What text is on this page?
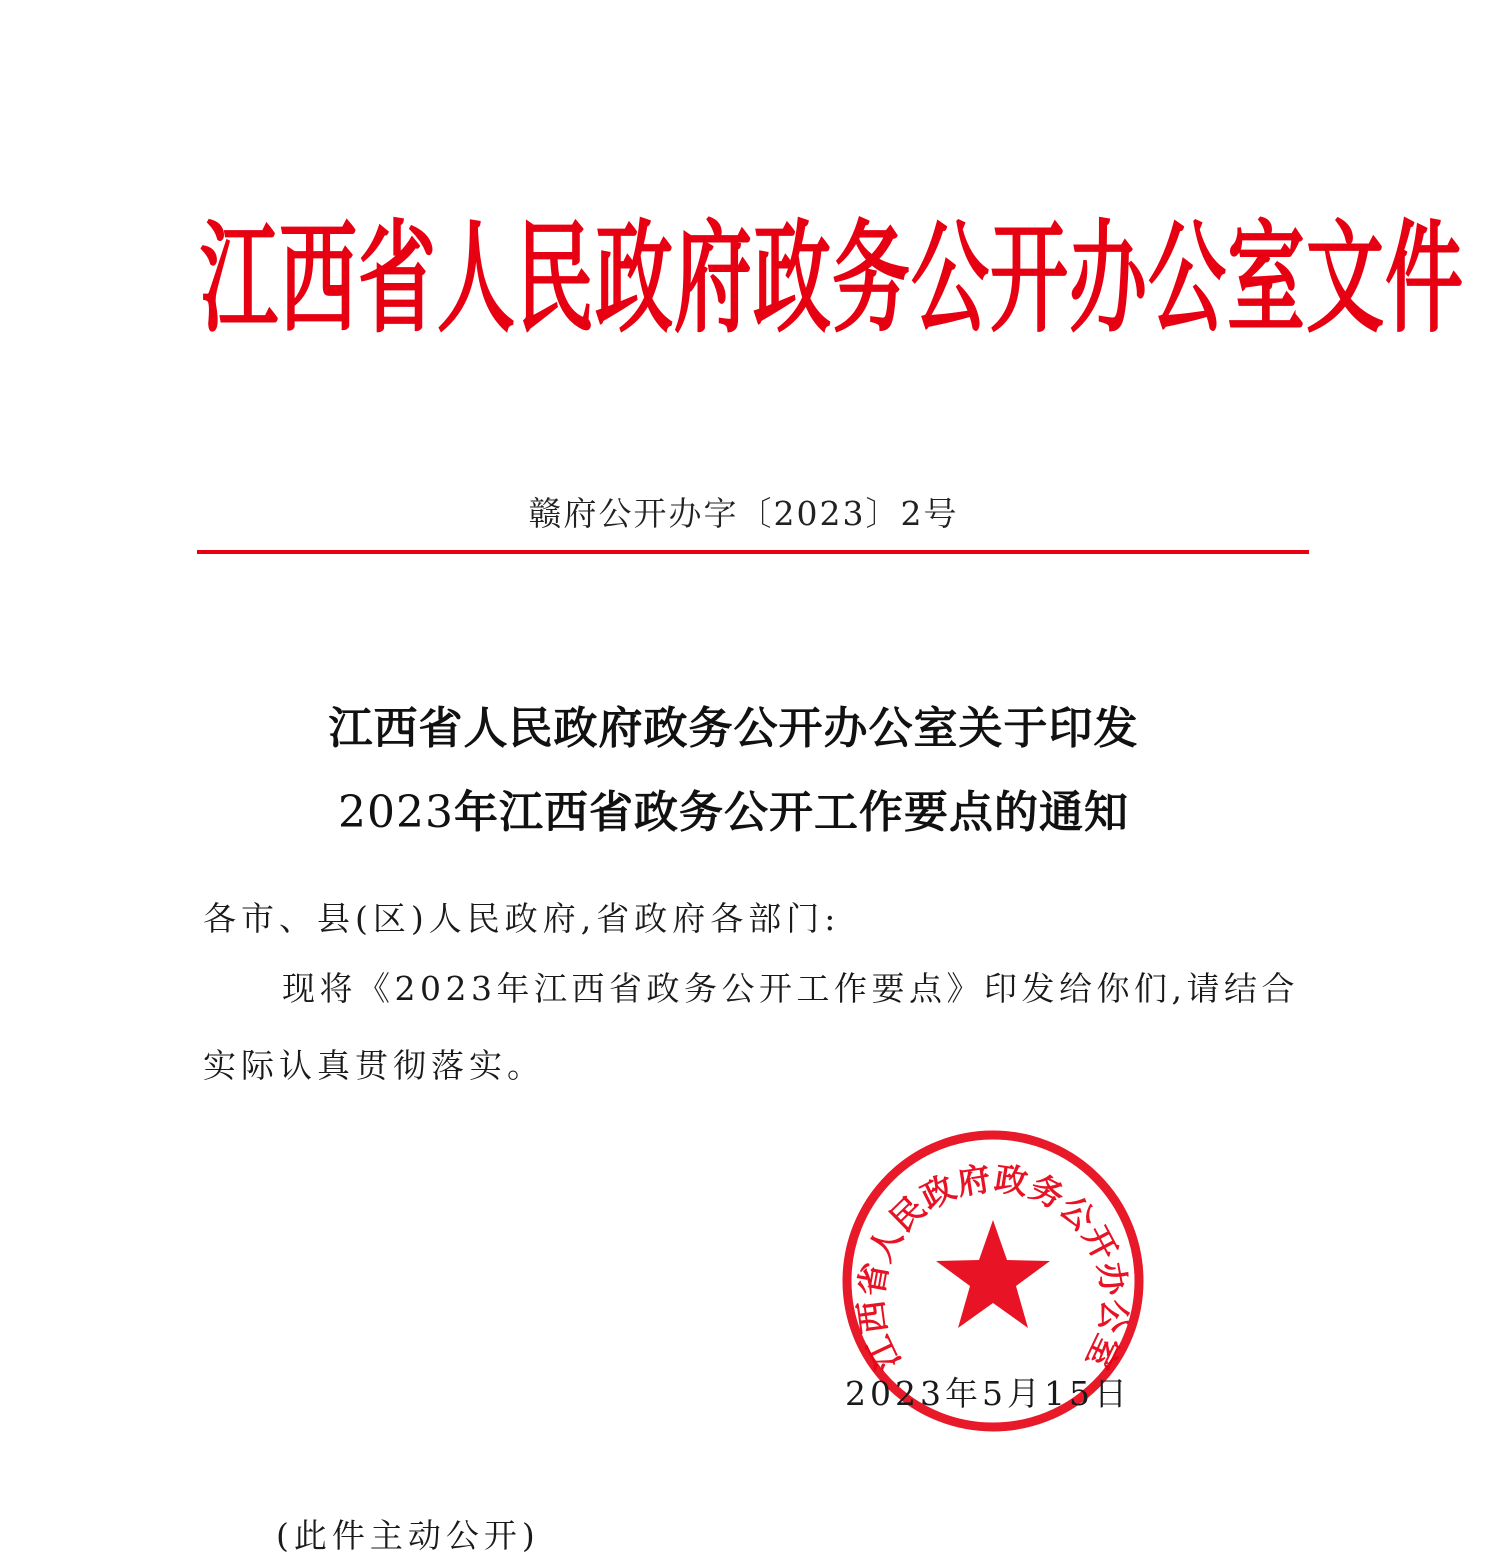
江西省人民政府政务公开办公室文件
赣府公开办字〔2023〕2号
江西省人民政府政务公开办公室关于印发
2023年江西省政务公开工作要点的通知
各市、县(区)人民政府,省政府各部门:
现将《2023年江西省政务公开工作要点》印发给你们,请结合
实际认真贯彻落实。
江西省人民政府政务公开办公室
2023年5月15日
(此件主动公开)
